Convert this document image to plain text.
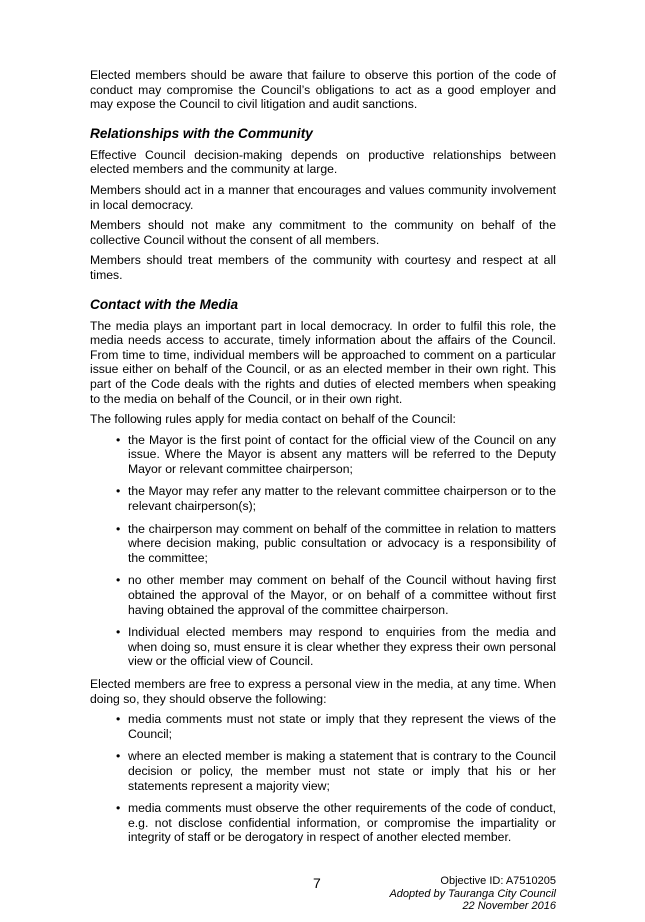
Elected members should be aware that failure to observe this portion of the code of conduct may compromise the Council’s obligations to act as a good employer and may expose the Council to civil litigation and audit sanctions.

Relationships with the Community

Effective Council decision-making depends on productive relationships between elected members and the community at large.

Members should act in a manner that encourages and values community involvement in local democracy.

Members should not make any commitment to the community on behalf of the collective Council without the consent of all members.

Members should treat members of the community with courtesy and respect at all times.

Contact with the Media

The media plays an important part in local democracy. In order to fulfil this role, the media needs access to accurate, timely information about the affairs of the Council. From time to time, individual members will be approached to comment on a particular issue either on behalf of the Council, or as an elected member in their own right. This part of the Code deals with the rights and duties of elected members when speaking to the media on behalf of the Council, or in their own right.

The following rules apply for media contact on behalf of the Council:

• the Mayor is the first point of contact for the official view of the Council on any issue. Where the Mayor is absent any matters will be referred to the Deputy Mayor or relevant committee chairperson;
• the Mayor may refer any matter to the relevant committee chairperson or to the relevant chairperson(s);
• the chairperson may comment on behalf of the committee in relation to matters where decision making, public consultation or advocacy is a responsibility of the committee;
• no other member may comment on behalf of the Council without having first obtained the approval of the Mayor, or on behalf of a committee without first having obtained the approval of the committee chairperson.
• Individual elected members may respond to enquiries from the media and when doing so, must ensure it is clear whether they express their own personal view or the official view of Council.

Elected members are free to express a personal view in the media, at any time. When doing so, they should observe the following:

• media comments must not state or imply that they represent the views of the Council;
• where an elected member is making a statement that is contrary to the Council decision or policy, the member must not state or imply that his or her statements represent a majority view;
• media comments must observe the other requirements of the code of conduct, e.g. not disclose confidential information, or compromise the impartiality or integrity of staff or be derogatory in respect of another elected member.
7	Objective ID: A7510205
Adopted by Tauranga City Council
22 November 2016
